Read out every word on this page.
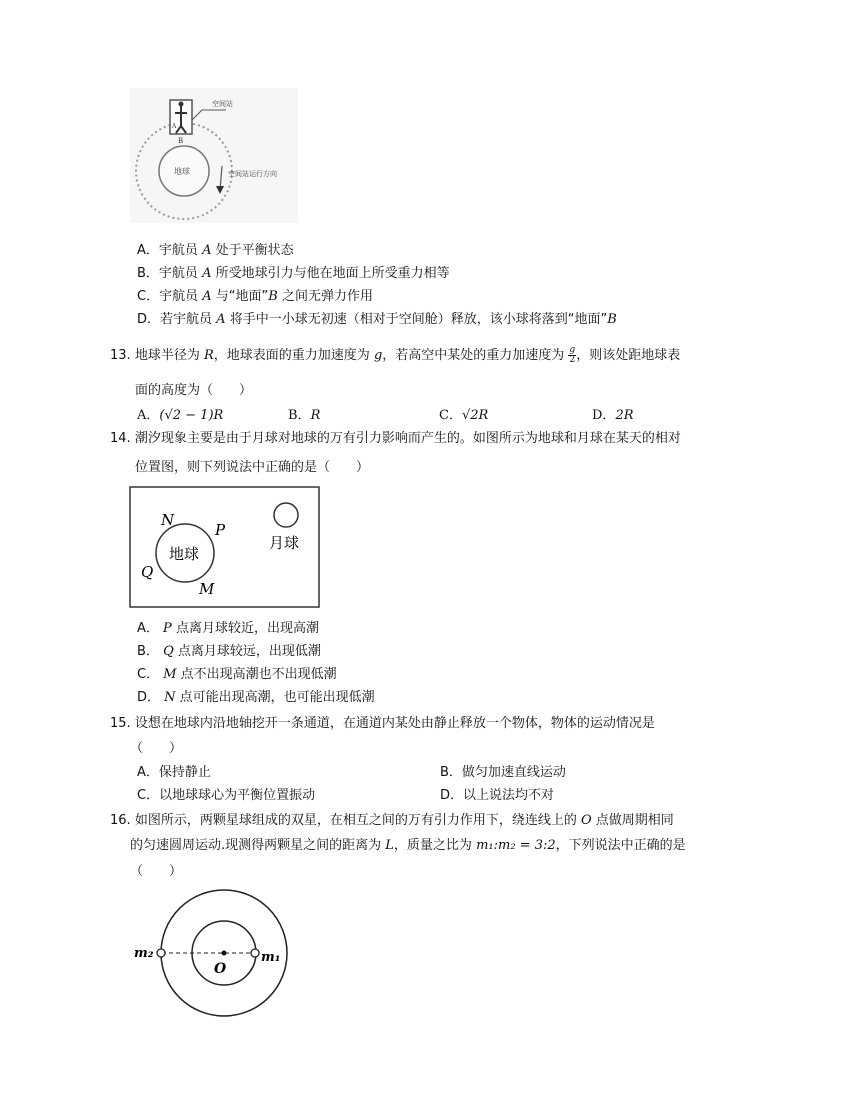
空间站
A
B
地球	空间站运行方向
A．宇航员 A 处于平衡状态
B．宇航员 A 所受地球引力与他在地面上所受重力相等
C．宇航员 A 与“地面”B 之间无弹力作用
D．若宇航员 A 将手中一小球无初速（相对于空间舱）释放，该小球将落到“地面”B
13. 地球半径为 R，地球表面的重力加速度为 g，若高空中某处的重力加速度为 $\frac{g}{2}$ ，则该处距地球表
面的高度为（　　）
A．(√2 − 1)R	B．R	C．√2R	D．2R
14. 潮汐现象主要是由于月球对地球的万有引力影响而产生的。如图所示为地球和月球在某天的相对
位置图，则下列说法中正确的是（　　）
N
P
Q
M
地球
月球
A． P 点离月球较近，出现高潮
B． Q 点离月球较远，出现低潮
C． M 点不出现高潮也不出现低潮
D． N 点可能出现高潮，也可能出现低潮
15. 设想在地球内沿地轴挖开一条通道，在通道内某处由静止释放一个物体，物体的运动情况是
（　　）
A．保持静止	B．做匀加速直线运动
C．以地球球心为平衡位置振动	D．以上说法均不对
16. 如图所示，两颗星球组成的双星，在相互之间的万有引力作用下，绕连线上的 O 点做周期相同
的匀速圆周运动.现测得两颗星之间的距离为 L，质量之比为 m₁:m₂ = 3:2，下列说法中正确的是
（　　）
m₂	m₁
O
